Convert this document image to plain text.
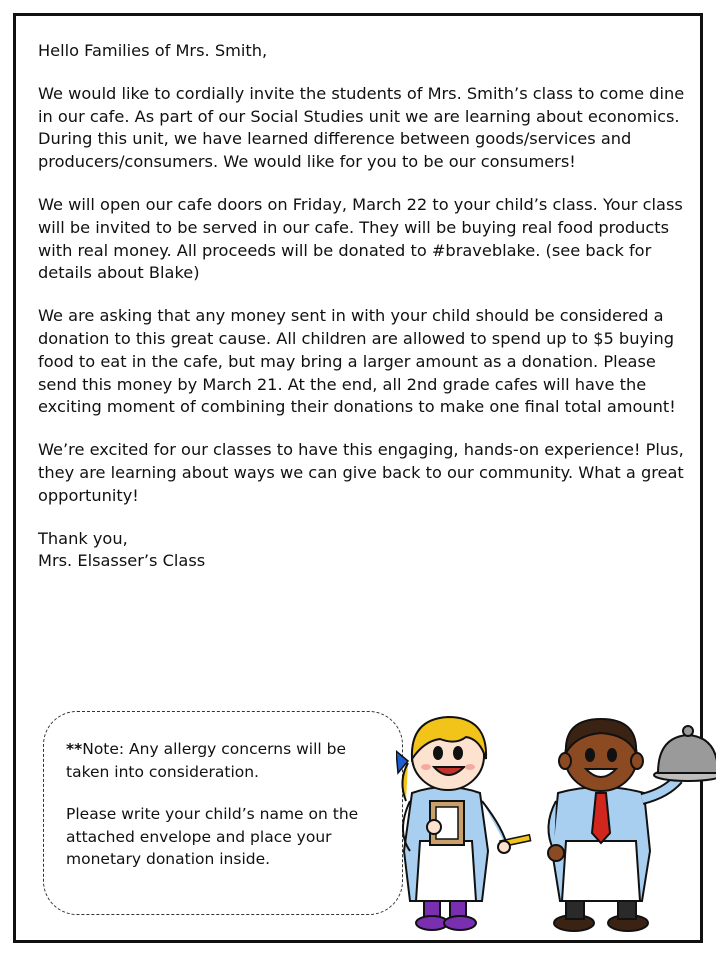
Hello Families of Mrs. Smith,

We would like to cordially invite the students of Mrs. Smith’s class to come dine in our cafe. As part of our Social Studies unit we are learning about economics. During this unit, we have learned difference between goods/services and producers/consumers. We would like for you to be our consumers!

We will open our cafe doors on Friday, March 22 to your child’s class. Your class will be invited to be served in our cafe. They will be buying real food products with real money. All proceeds will be donated to #braveblake. (see back for details about Blake)

We are asking that any money sent in with your child should be considered a donation to this great cause. All children are allowed to spend up to $5 buying food to eat in the cafe, but may bring a larger amount as a donation. Please send this money by March 21. At the end, all 2nd grade cafes will have the exciting moment of combining their donations to make one final total amount!

We’re excited for our classes to have this engaging, hands-on experience! Plus, they are learning about ways we can give back to our community. What a great opportunity!

Thank you,
Mrs. Elsasser’s Class

**Note: Any allergy concerns will be taken into consideration.

Please write your child’s name on the attached envelope and place your monetary donation inside.
